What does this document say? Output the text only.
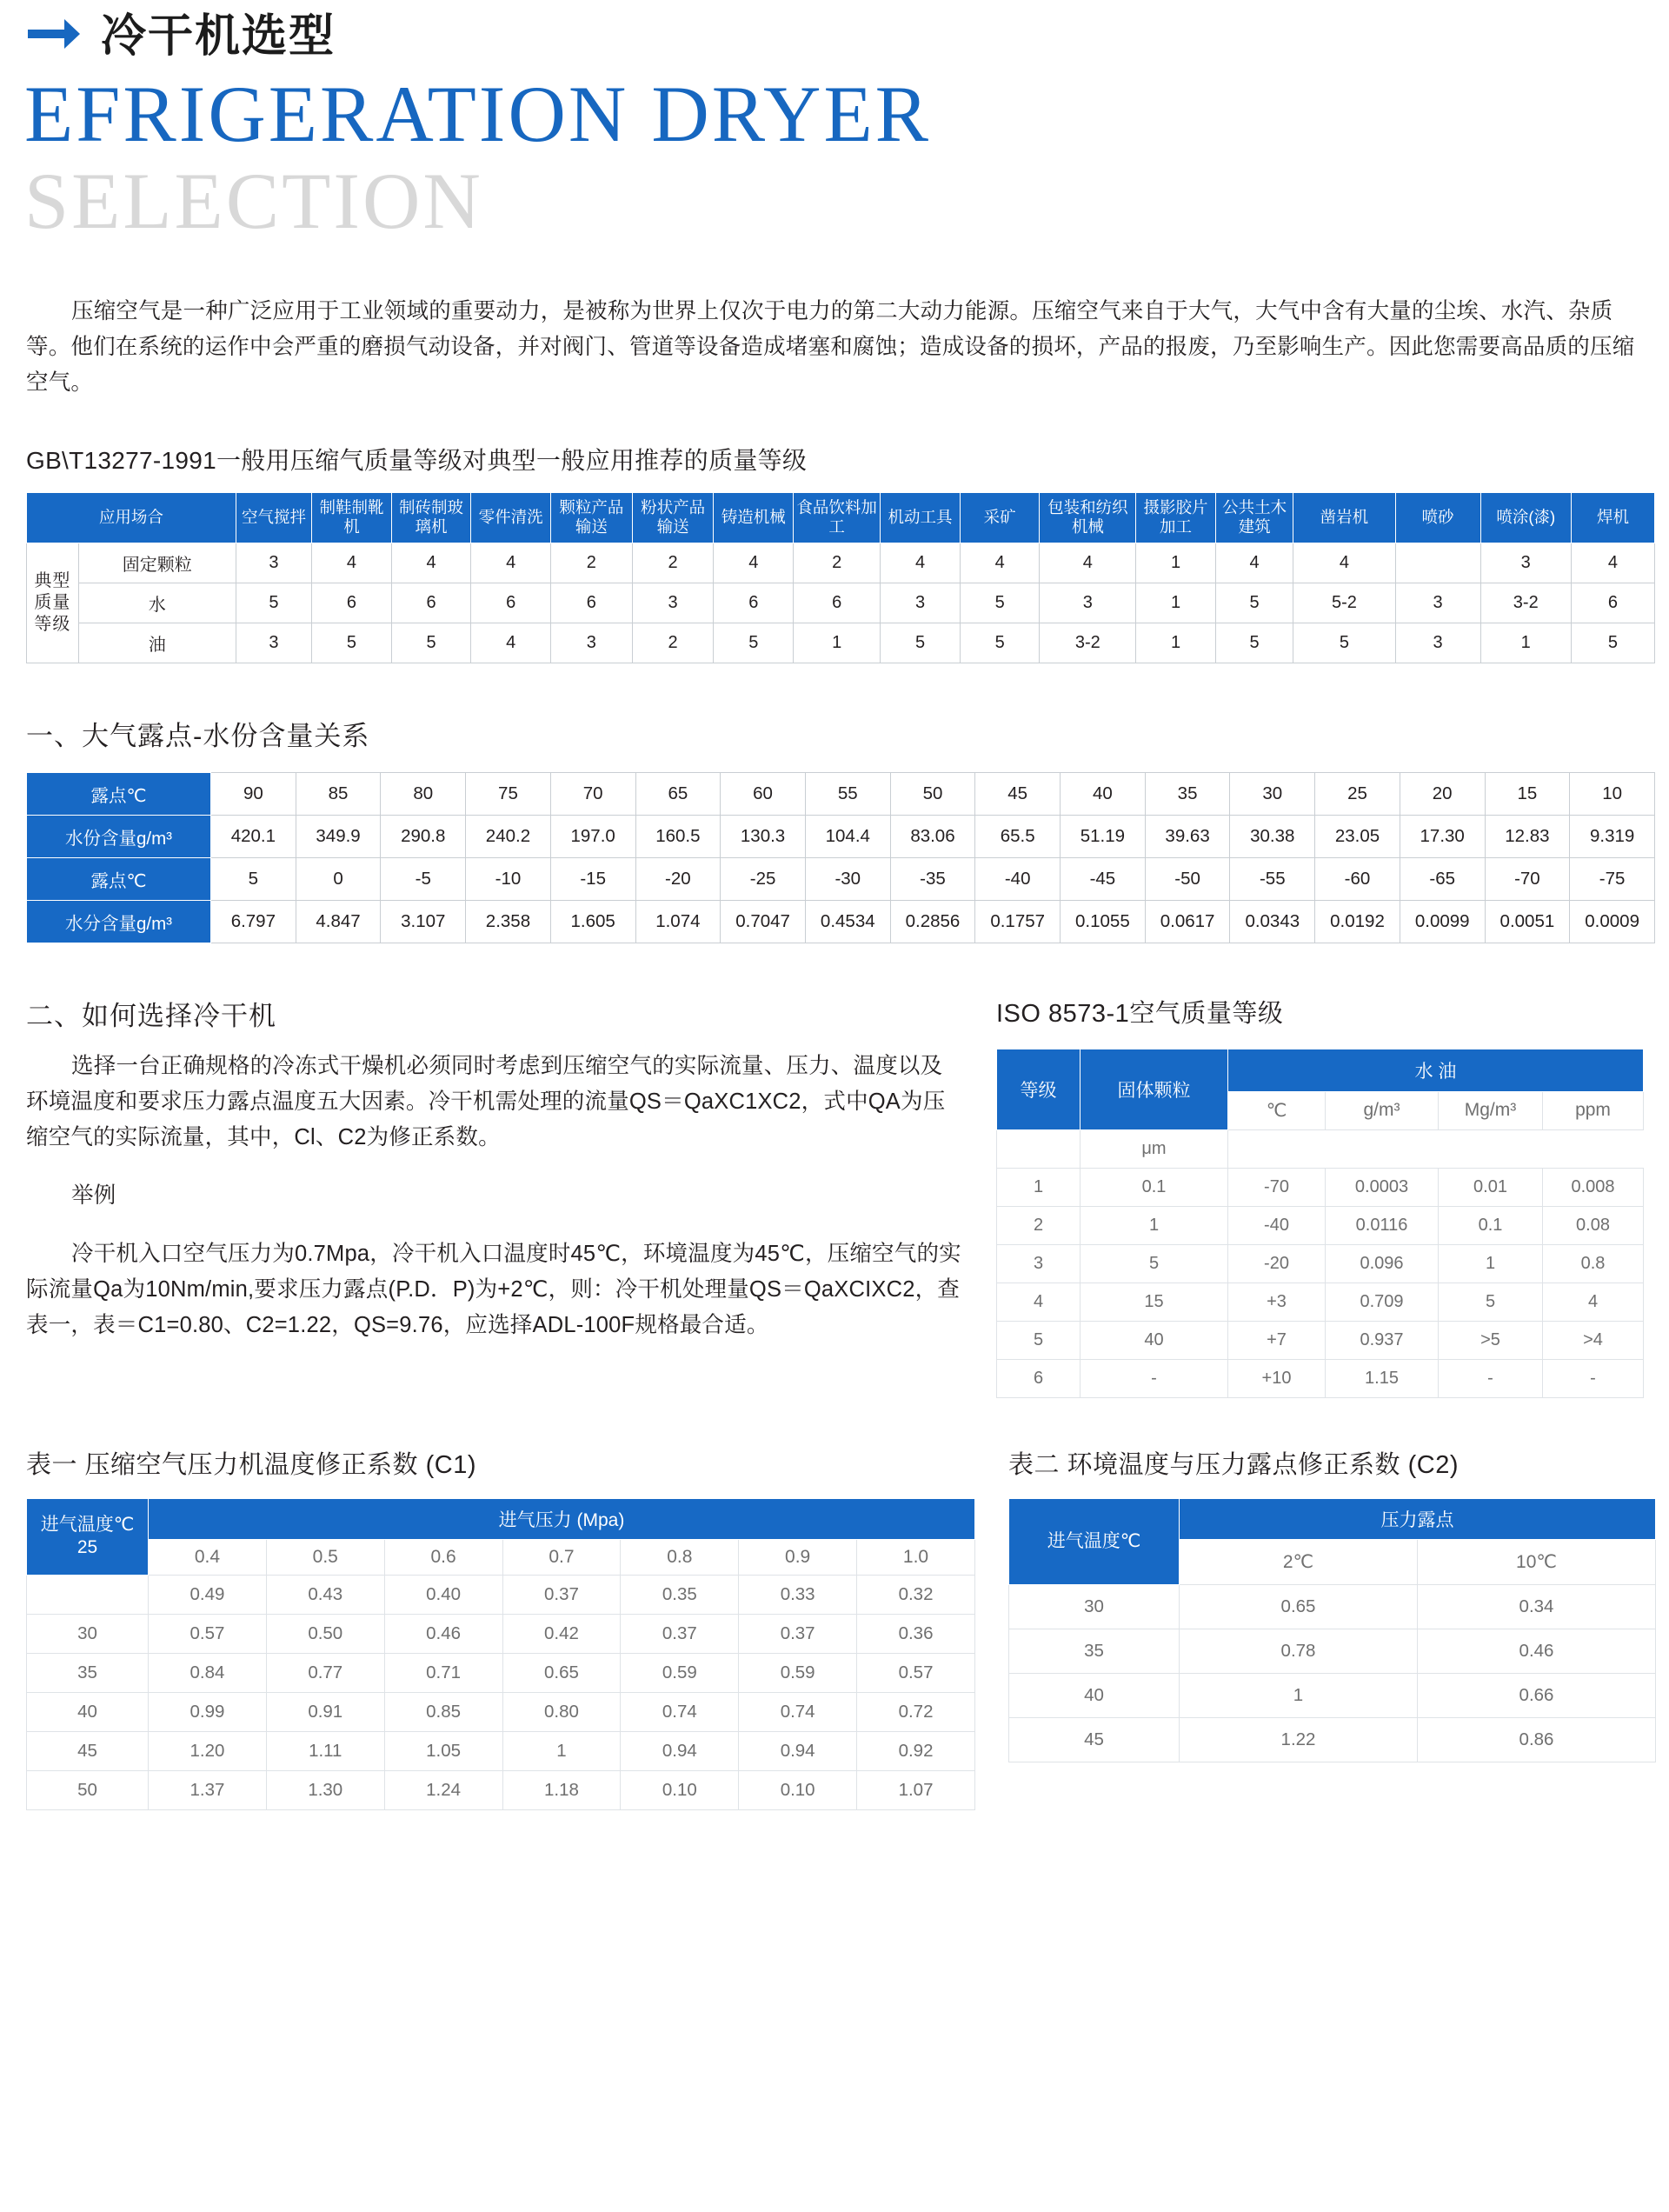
冷干机选型
EFRIGERATION DRYER
SELECTION

压缩空气是一种广泛应用于工业领域的重要动力，是被称为世界上仅次于电力的第二大动力能源。压缩空气来自于大气，大气中含有大量的尘埃、水汽、杂质等。他们在系统的运作中会严重的磨损气动设备，并对阀门、管道等设备造成堵塞和腐蚀；造成设备的损坏，产品的报废，乃至影响生产。因此您需要高品质的压缩空气。

GB\T13277-1991一般用压缩气质量等级对典型一般应用推荐的质量等级
应用场合		空气搅拌	制鞋制靴机	制砖制玻璃机	零件清洗	颗粒产品输送	粉状产品输送	铸造机械	食品饮料加工	机动工具	采矿	包装和纺织机械	摄影胶片加工	公共土木建筑	凿岩机	喷砂	喷涂(漆)	焊机
典型质量等级	固定颗粒	3	4	4	4	2	2	4	2	4	4	4	1	4	4		3	4
	水	5	6	6	6	6	3	6	6	3	5	3	1	5	5-2	3	3-2	6
	油	3	5	5	4	3	2	5	1	5	5	3-2	1	5	5	3	1	5
一、大气露点-水份含量关系
露点℃	90	85	80	75	70	65	60	55	50	45	40	35	30	25	20	15	10
水份含量g/m³	420.1	349.9	290.8	240.2	197.0	160.5	130.3	104.4	83.06	65.5	51.19	39.63	30.38	23.05	17.30	12.83	9.319
露点℃	5	0	-5	-10	-15	-20	-25	-30	-35	-40	-45	-50	-55	-60	-65	-70	-75
水分含量g/m³	6.797	4.847	3.107	2.358	1.605	1.074	0.7047	0.4534	0.2856	0.1757	0.1055	0.0617	0.0343	0.0192	0.0099	0.0051	0.0009
二、如何选择冷干机

选择一台正确规格的冷冻式干燥机必须同时考虑到压缩空气的实际流量、压力、温度以及环境温度和要求压力露点温度五大因素。冷干机需处理的流量QS＝QaXC1XC2，式中QA为压缩空气的实际流量，其中，Cl、C2为修正系数。

举例

冷干机入口空气压力为0.7Mpa，冷干机入口温度时45℃，环境温度为45℃，压缩空气的实际流量Qa为10Nm/min,要求压力露点(P.D．P)为+2℃，则：冷干机处理量QS＝QaXCIXC2，查表一，表＝C1=0.80、C2=1.22，QS=9.76，应选择ADL-100F规格最合适。

ISO 8573-1空气质量等级
等级	固体颗粒	水 油			
		℃	g/m³	Mg/m³	ppm
	μm				
1	0.1	-70	0.0003	0.01	0.008
2	1	-40	0.0116	0.1	0.08
3	5	-20	0.096	1	0.8
4	15	+3	0.709	5	4
5	40	+7	0.937	>5	>4
6	-	+10	1.15	-	-
表一 压缩空气压力机温度修正系数 (C1)
进气温度℃ 25	进气压力 (Mpa)						
	0.4	0.5	0.6	0.7	0.8	0.9	1.0
	0.49	0.43	0.40	0.37	0.35	0.33	0.32
30	0.57	0.50	0.46	0.42	0.37	0.37	0.36
35	0.84	0.77	0.71	0.65	0.59	0.59	0.57
40	0.99	0.91	0.85	0.80	0.74	0.74	0.72
45	1.20	1.11	1.05	1	0.94	0.94	0.92
50	1.37	1.30	1.24	1.18	0.10	0.10	1.07
表二 环境温度与压力露点修正系数 (C2)
进气温度℃	压力露点	
	2℃	10℃
30	0.65	0.34
35	0.78	0.46
40	1	0.66
45	1.22	0.86
